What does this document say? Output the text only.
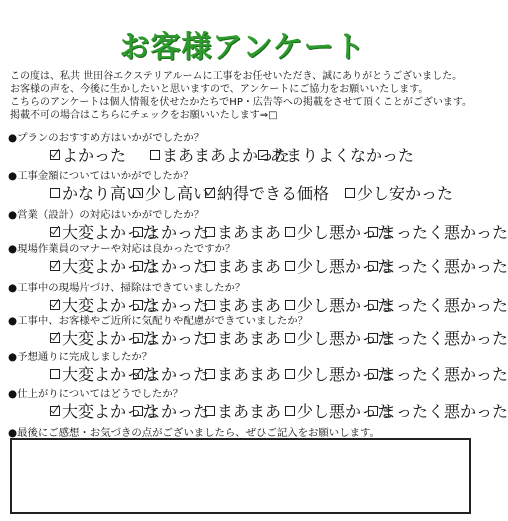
お客様アンケート
この度は、私共 世田谷エクステリアルームに工事をお任せいただき、誠にありがとうございました。
お客様の声を、今後に生かしたいと思いますので、アンケートにご協力をお願いいたします。
こちらのアンケートは個人情報を伏せたかたちでHP・広告等への掲載をさせて頂くことがございます。
掲載不可の場合はこちらにチェックをお願いいたします⇒□
●プランのおすすめ方はいかがでしたか？
よかった まあまあよかった
あまりよくなかった
●工事金額についてはいかがでしたか？
かなり高い 少し高い 納得できる価格 少し安かった
●営業（設計）の対応はいかがでしたか？
大変よかった
よかった まあまあ 少し悪かった
まったく悪かった
●現場作業員のマナーや対応は良かったですか？
大変よかった
よかった まあまあ 少し悪かった
まったく悪かった
●工事中の現場片づけ、掃除はできていましたか？
大変よかった
よかった まあまあ 少し悪かった
まったく悪かった
●工事中、お客様やご近所に気配りや配慮ができていましたか？
大変よかった
よかった まあまあ 少し悪かった
まったく悪かった
●予想通りに完成しましたか？
大変よかった
よかった まあまあ 少し悪かった
まったく悪かった
●仕上がりについてはどうでしたか？
大変よかった
よかった まあまあ 少し悪かった
まったく悪かった
●最後にご感想・お気づきの点がございましたら、ぜひご記入をお願いします。
